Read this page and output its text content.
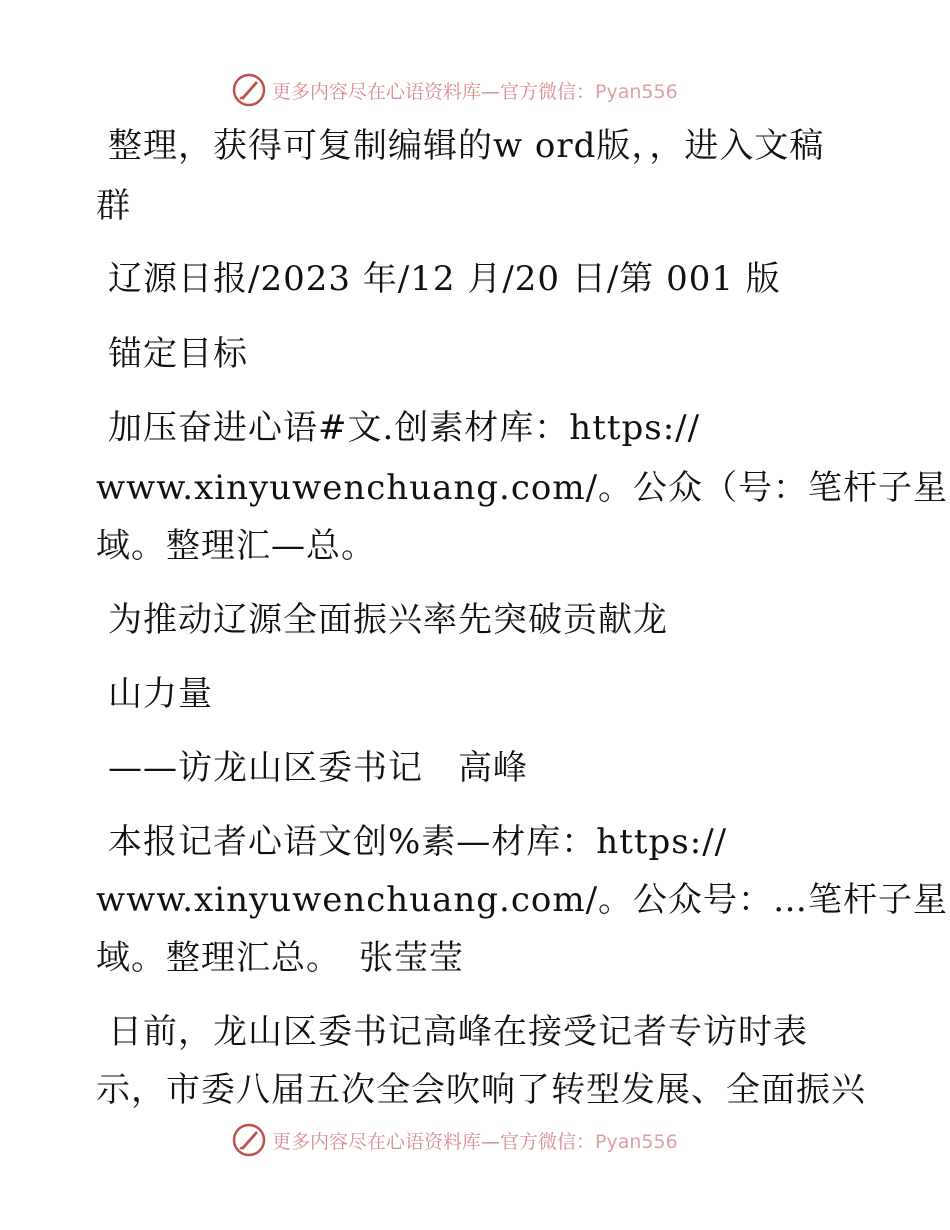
更多内容尽在心语资料库—官方微信：Pyan556

整理，获得可复制编辑的w ord版，，进入文稿

群

辽源日报/2023 年/12 月/20 日/第 001 版

锚定目标

加压奋进心语#文.创素材库：https://

www.xinyuwenchuang.com/。公众（号：笔杆子星

域。整理汇—总。

为推动辽源全面振兴率先突破贡献龙

山力量

——访龙山区委书记　高峰

本报记者心语文创%素—材库：https://

www.xinyuwenchuang.com/。公众号：…笔杆子星

域。整理汇总。　张莹莹

日前，龙山区委书记高峰在接受记者专访时表

示，市委八届五次全会吹响了转型发展、全面振兴

更多内容尽在心语资料库—官方微信：Pyan556
